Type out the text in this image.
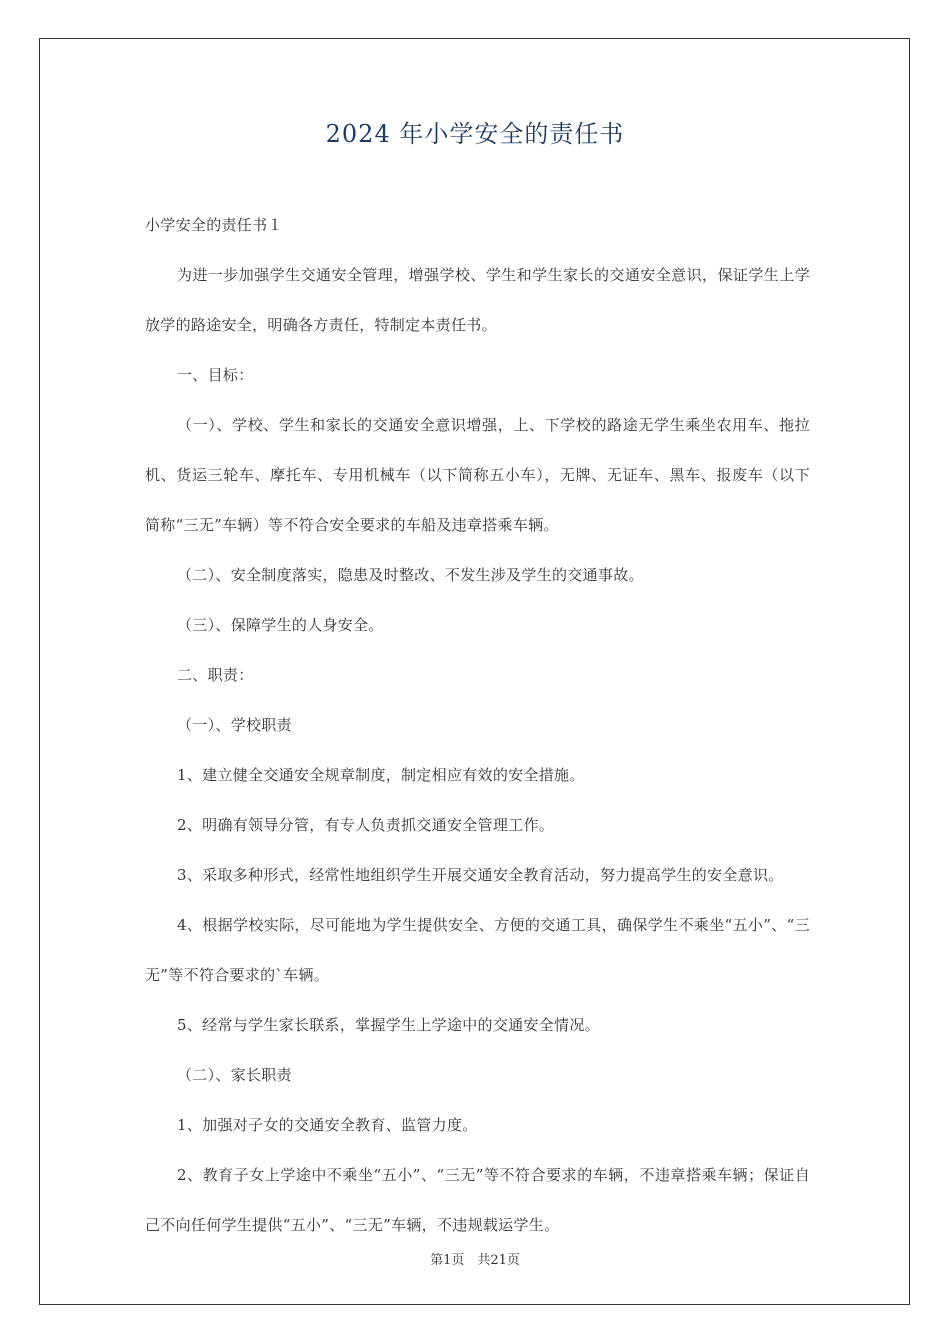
2024 年小学安全的责任书

小学安全的责任书１

为进一步加强学生交通安全管理，增强学校、学生和学生家长的交通安全意识，保证学生上学放学的路途安全，明确各方责任，特制定本责任书。

一、目标：

（一）、学校、学生和家长的交通安全意识增强，上、下学校的路途无学生乘坐农用车、拖拉机、货运三轮车、摩托车、专用机械车（以下简称五小车），无牌、无证车、黑车、报废车（以下简称“三无”车辆）等不符合安全要求的车船及违章搭乘车辆。

（二）、安全制度落实，隐患及时整改、不发生涉及学生的交通事故。

（三）、保障学生的人身安全。

二、职责：

（一）、学校职责

1、建立健全交通安全规章制度，制定相应有效的安全措施。

2、明确有领导分管，有专人负责抓交通安全管理工作。

3、采取多种形式，经常性地组织学生开展交通安全教育活动，努力提高学生的安全意识。

4、根据学校实际，尽可能地为学生提供安全、方便的交通工具，确保学生不乘坐“五小”、“三无”等不符合要求的`车辆。

5、经常与学生家长联系，掌握学生上学途中的交通安全情况。

（二）、家长职责

1、加强对子女的交通安全教育、监管力度。

2、教育子女上学途中不乘坐“五小”、“三无”等不符合要求的车辆，不违章搭乘车辆；保证自己不向任何学生提供“五小”、“三无”车辆，不违规载运学生。

第1页　共21页
